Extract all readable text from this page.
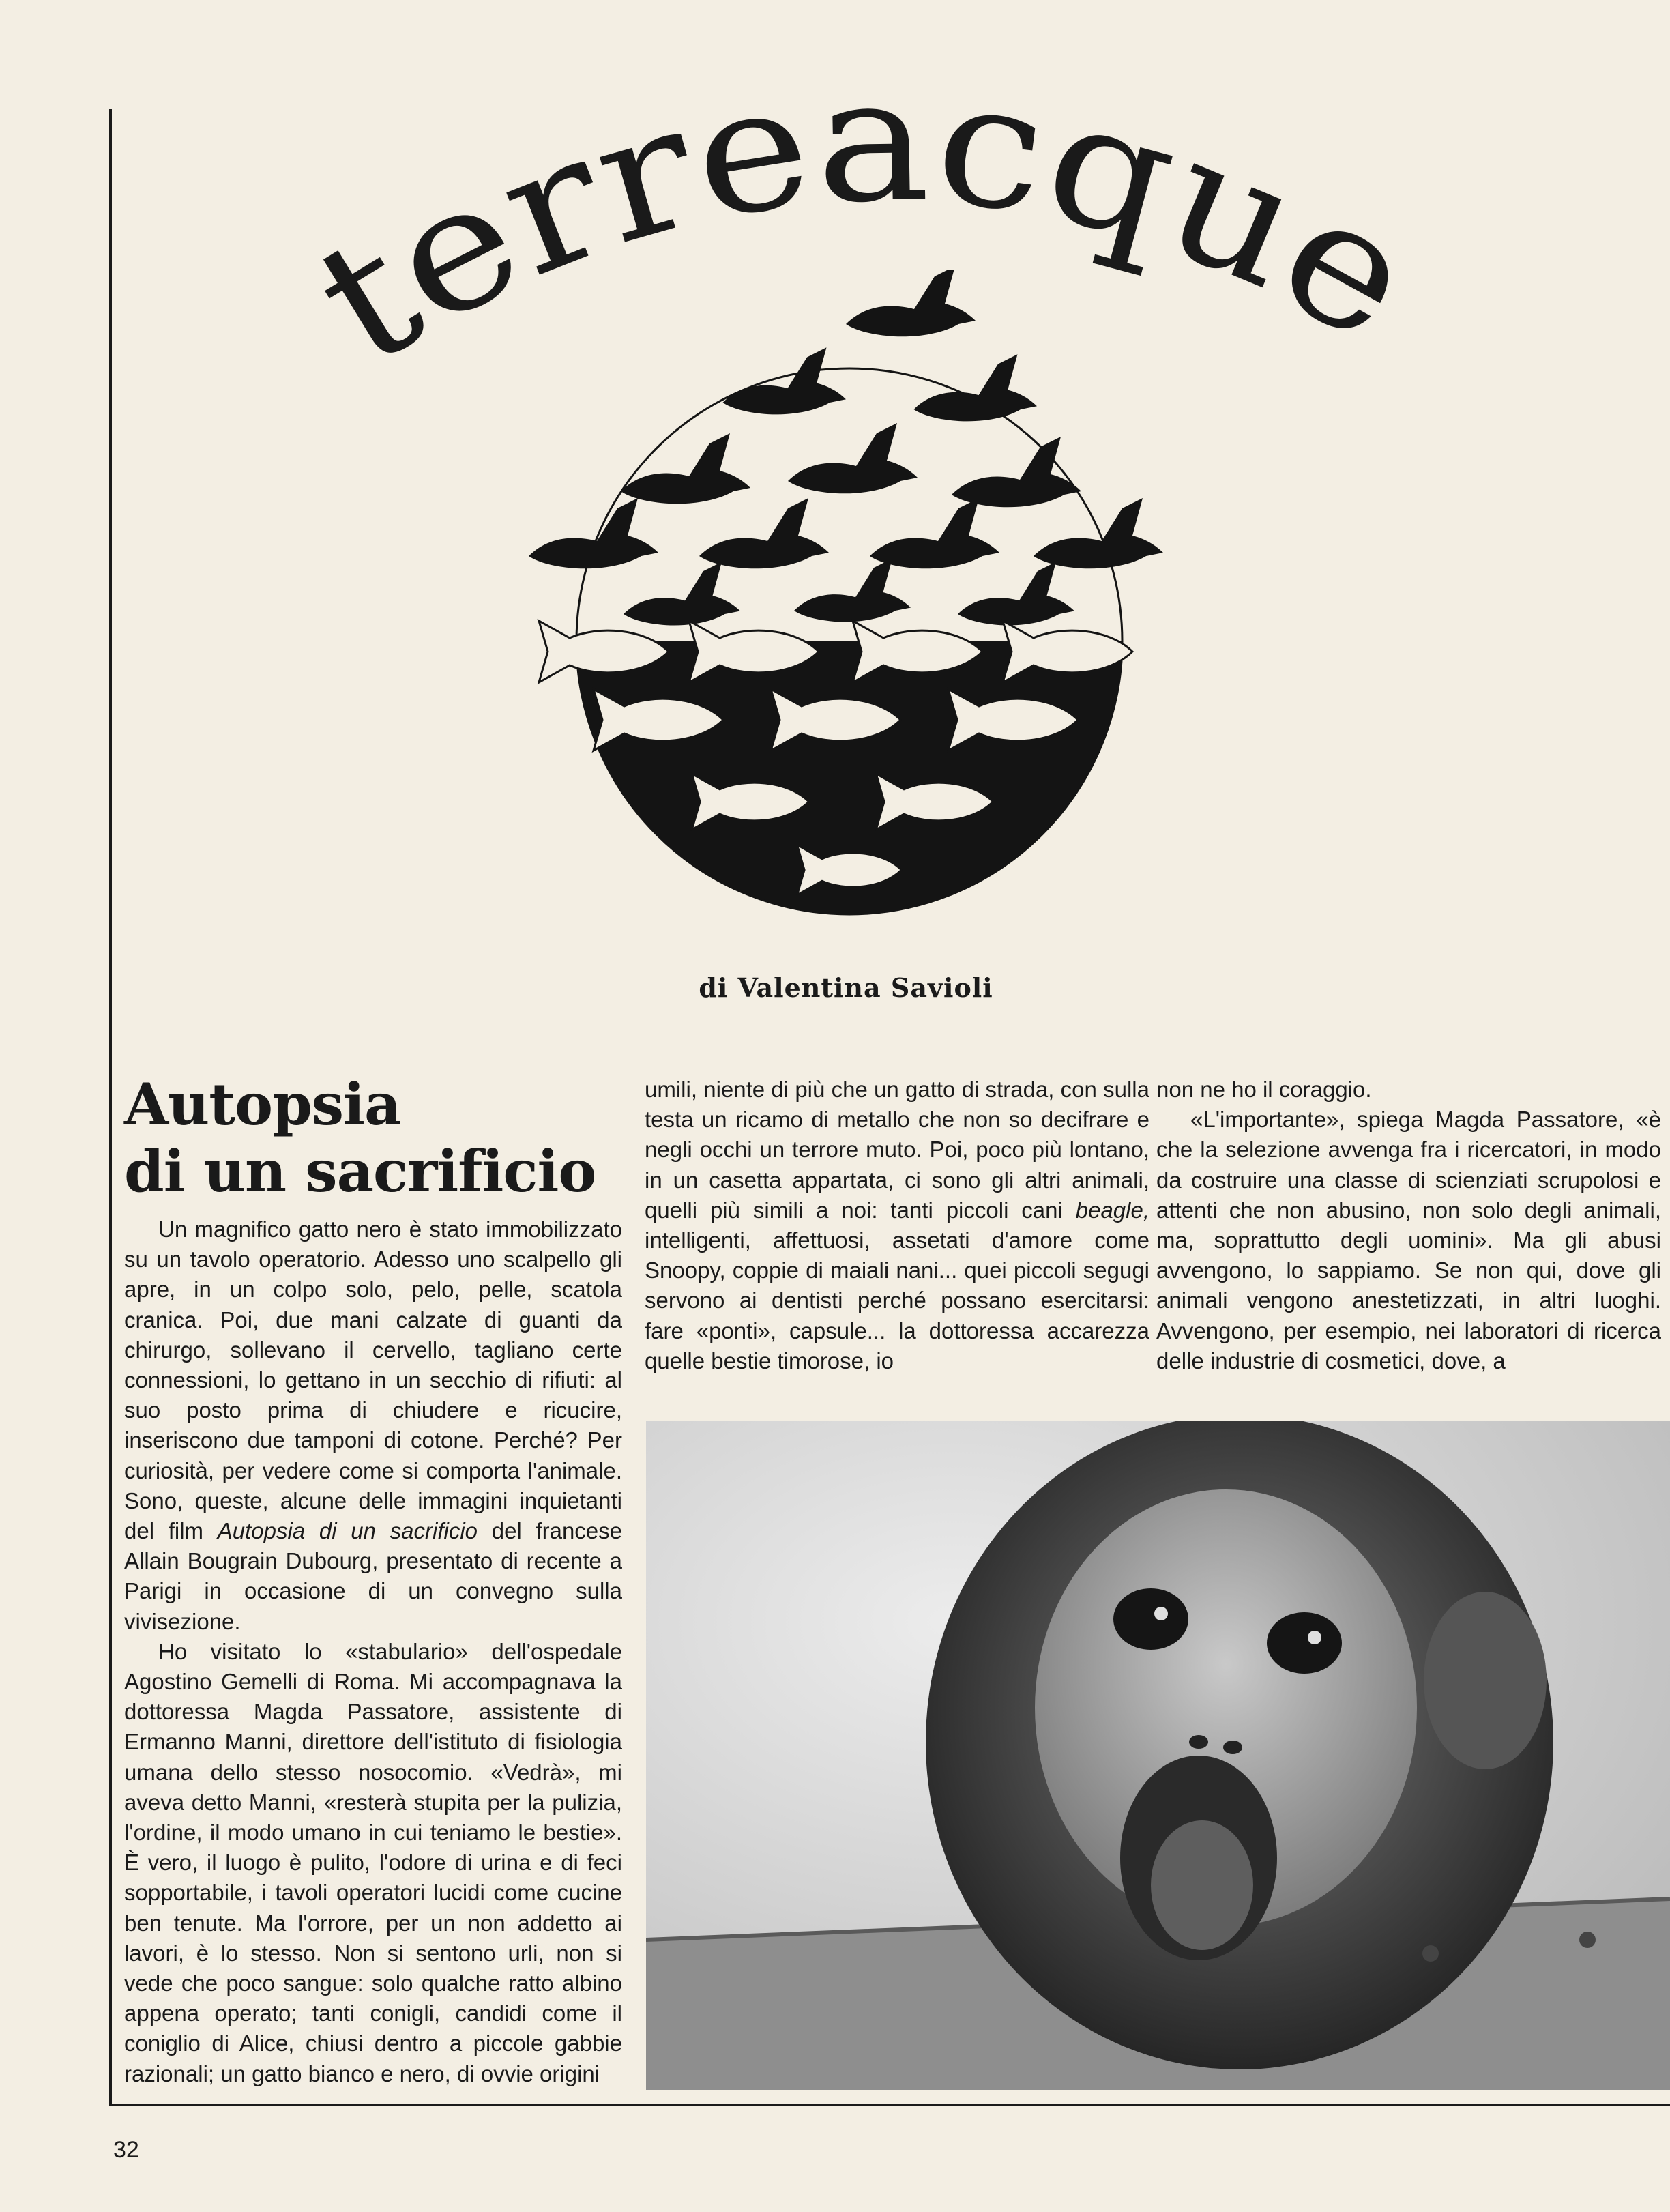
terreacque
di Valentina Savioli
Autopsia
di un sacrificio

Un magnifico gatto nero è stato immobilizzato su un tavolo operatorio. Adesso uno scalpello gli apre, in un colpo solo, pelo, pelle, scatola cranica. Poi, due mani calzate di guanti da chirurgo, sollevano il cervello, tagliano certe connessioni, lo gettano in un secchio di rifiuti: al suo posto prima di chiudere e ricucire, inseriscono due tamponi di cotone. Perché? Per curiosità, per vedere come si comporta l'animale. Sono, queste, alcune delle immagini inquietanti del film Autopsia di un sacrificio del francese Allain Bougrain Dubourg, presentato di recente a Parigi in occasione di un convegno sulla vivisezione.

Ho visitato lo «stabulario» dell'ospedale Agostino Gemelli di Roma. Mi accompagnava la dottoressa Magda Passatore, assistente di Ermanno Manni, direttore dell'istituto di fisiologia umana dello stesso nosocomio. «Vedrà», mi aveva detto Manni, «resterà stupita per la pulizia, l'ordine, il modo umano in cui teniamo le bestie». È vero, il luogo è pulito, l'odore di urina e di feci sopportabile, i tavoli operatori lucidi come cucine ben tenute. Ma l'orrore, per un non addetto ai lavori, è lo stesso. Non si sentono urli, non si vede che poco sangue: solo qualche ratto albino appena operato; tanti conigli, candidi come il coniglio di Alice, chiusi dentro a piccole gabbie razionali; un gatto bianco e nero, di ovvie origini

umili, niente di più che un gatto di strada, con sulla testa un ricamo di metallo che non so decifrare e negli occhi un terrore muto. Poi, poco più lontano, in un casetta appartata, ci sono gli altri animali, quelli più simili a noi: tanti piccoli cani beagle, intelligenti, affettuosi, assetati d'amore come Snoopy, coppie di maiali nani... quei piccoli segugi servono ai dentisti perché possano esercitarsi: fare «ponti», capsule... la dottoressa accarezza quelle bestie timorose, io

non ne ho il coraggio.

«L'importante», spiega Magda Passatore, «è che la selezione avvenga fra i ricercatori, in modo da costruire una classe di scienziati scrupolosi e attenti che non abusino, non solo degli animali, ma, soprattutto degli uomini». Ma gli abusi avvengono, lo sappiamo. Se non qui, dove gli animali vengono anestetizzati, in altri luoghi. Avvengono, per esempio, nei laboratori di ricerca delle industrie di cosmetici, dove, a

32
